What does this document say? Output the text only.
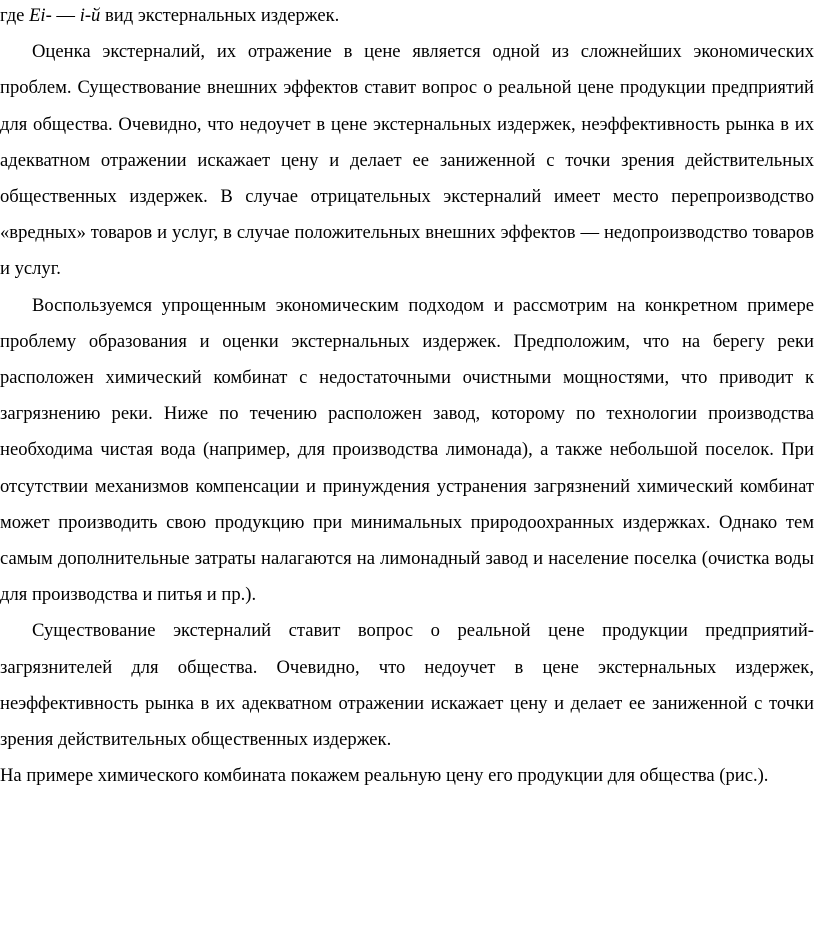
где Ei- — i-й вид экстернальных издержек.

Оценка экстерналий, их отражение в цене является одной из сложнейших экономических проблем. Существование внешних эффектов ставит вопрос о реальной цене продукции предприятий для общества. Очевидно, что недоучет в цене экстернальных издержек, неэффективность рынка в их адекватном отражении искажает цену и делает ее заниженной с точки зрения действительных общественных издержек. В случае отрицательных экстерналий имеет место перепроизводство «вредных» товаров и услуг, в случае положительных внешних эффектов — недопроизводство товаров и услуг.

Воспользуемся упрощенным экономическим подходом и рассмотрим на конкретном примере проблему образования и оценки экстернальных издержек. Предположим, что на берегу реки расположен химический комбинат с недостаточными очистными мощностями, что приводит к загрязнению реки. Ниже по течению расположен завод, которому по технологии производства необходима чистая вода (например, для производства лимонада), а также небольшой поселок. При отсутствии механизмов компенсации и принуждения устранения загрязнений химический комбинат может производить свою продукцию при минимальных природоохранных издержках. Однако тем самым дополнительные затраты налагаются на лимонадный завод и население поселка (очистка воды для производства и питья и пр.).

Существование экстерналий ставит вопрос о реальной цене продукции предприятий-загрязнителей для общества. Очевидно, что недоучет в цене экстернальных издержек, неэффективность рынка в их адекватном отражении искажает цену и делает ее заниженной с точки зрения действительных общественных издержек.

На примере химического комбината покажем реальную цену его продукции для общества (рис.).
